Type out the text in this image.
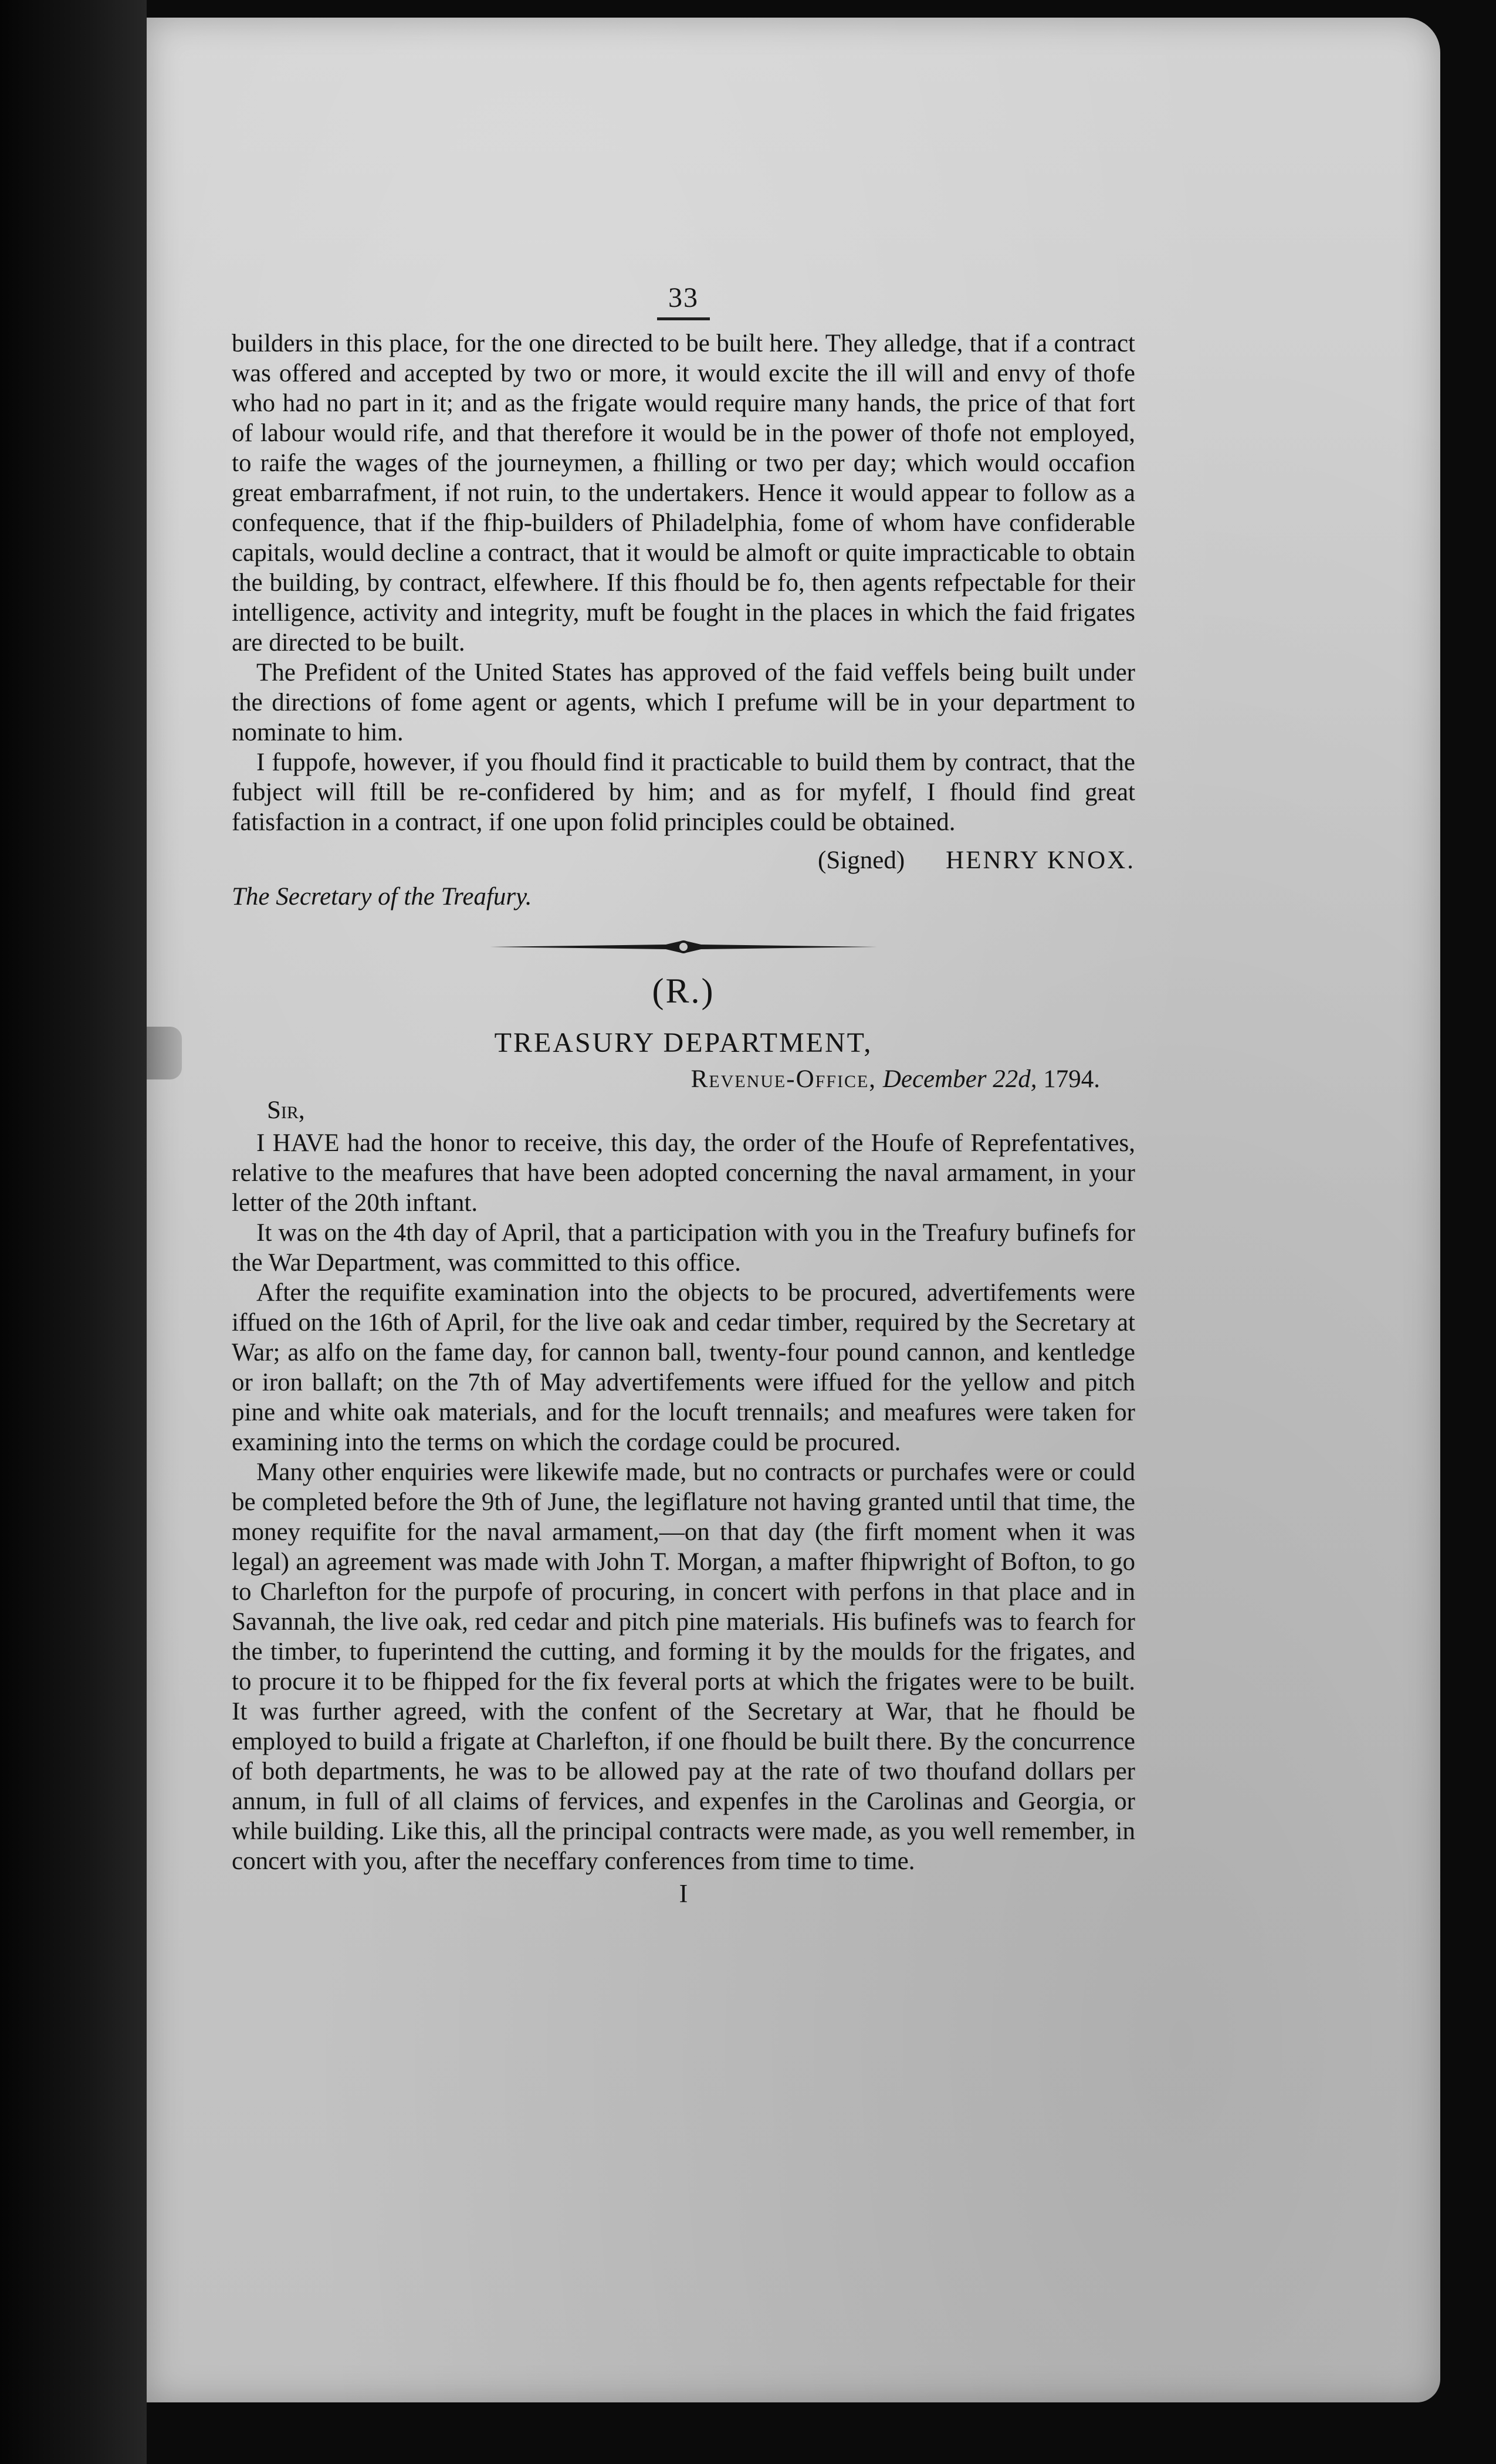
33

builders in this place, for the one directed to be built here. They alledge, that if a contract was offered and accepted by two or more, it would excite the ill will and envy of thofe who had no part in it; and as the frigate would require many hands, the price of that fort of labour would rife, and that therefore it would be in the power of thofe not employed, to raife the wages of the journeymen, a fhilling or two per day; which would occafion great embarrafment, if not ruin, to the undertakers. Hence it would appear to follow as a confequence, that if the fhip-builders of Philadelphia, fome of whom have confiderable capitals, would decline a contract, that it would be almoft or quite impracticable to obtain the building, by contract, elfewhere. If this fhould be fo, then agents refpectable for their intelligence, activity and integrity, muft be fought in the places in which the faid frigates are directed to be built.

The Prefident of the United States has approved of the faid veffels being built under the directions of fome agent or agents, which I prefume will be in your department to nominate to him.

I fuppofe, however, if you fhould find it practicable to build them by contract, that the fubject will ftill be re-confidered by him; and as for myfelf, I fhould find great fatisfaction in a contract, if one upon folid principles could be obtained.

(Signed) HENRY KNOX.
The Secretary of the Treafury.
(R.)
TREASURY DEPARTMENT,
Revenue-Office, December 22d, 1794.
Sir,

I HAVE had the honor to receive, this day, the order of the Houfe of Reprefentatives, relative to the meafures that have been adopted concerning the naval armament, in your letter of the 20th inftant.

It was on the 4th day of April, that a participation with you in the Treafury bufinefs for the War Department, was committed to this office.

After the requifite examination into the objects to be procured, advertifements were iffued on the 16th of April, for the live oak and cedar timber, required by the Secretary at War; as alfo on the fame day, for cannon ball, twenty-four pound cannon, and kentledge or iron ballaft; on the 7th of May advertifements were iffued for the yellow and pitch pine and white oak materials, and for the locuft trennails; and meafures were taken for examining into the terms on which the cordage could be procured.

Many other enquiries were likewife made, but no contracts or purchafes were or could be completed before the 9th of June, the legiflature not having granted until that time, the money requifite for the naval armament,—on that day (the firft moment when it was legal) an agreement was made with John T. Morgan, a mafter fhipwright of Bofton, to go to Charlefton for the purpofe of procuring, in concert with perfons in that place and in Savannah, the live oak, red cedar and pitch pine materials. His bufinefs was to fearch for the timber, to fuperintend the cutting, and forming it by the moulds for the frigates, and to procure it to be fhipped for the fix feveral ports at which the frigates were to be built. It was further agreed, with the confent of the Secretary at War, that he fhould be employed to build a frigate at Charlefton, if one fhould be built there. By the concurrence of both departments, he was to be allowed pay at the rate of two thoufand dollars per annum, in full of all claims of fervices, and expenfes in the Carolinas and Georgia, or while building. Like this, all the principal contracts were made, as you well remember, in concert with you, after the neceffary conferences from time to time.

I
